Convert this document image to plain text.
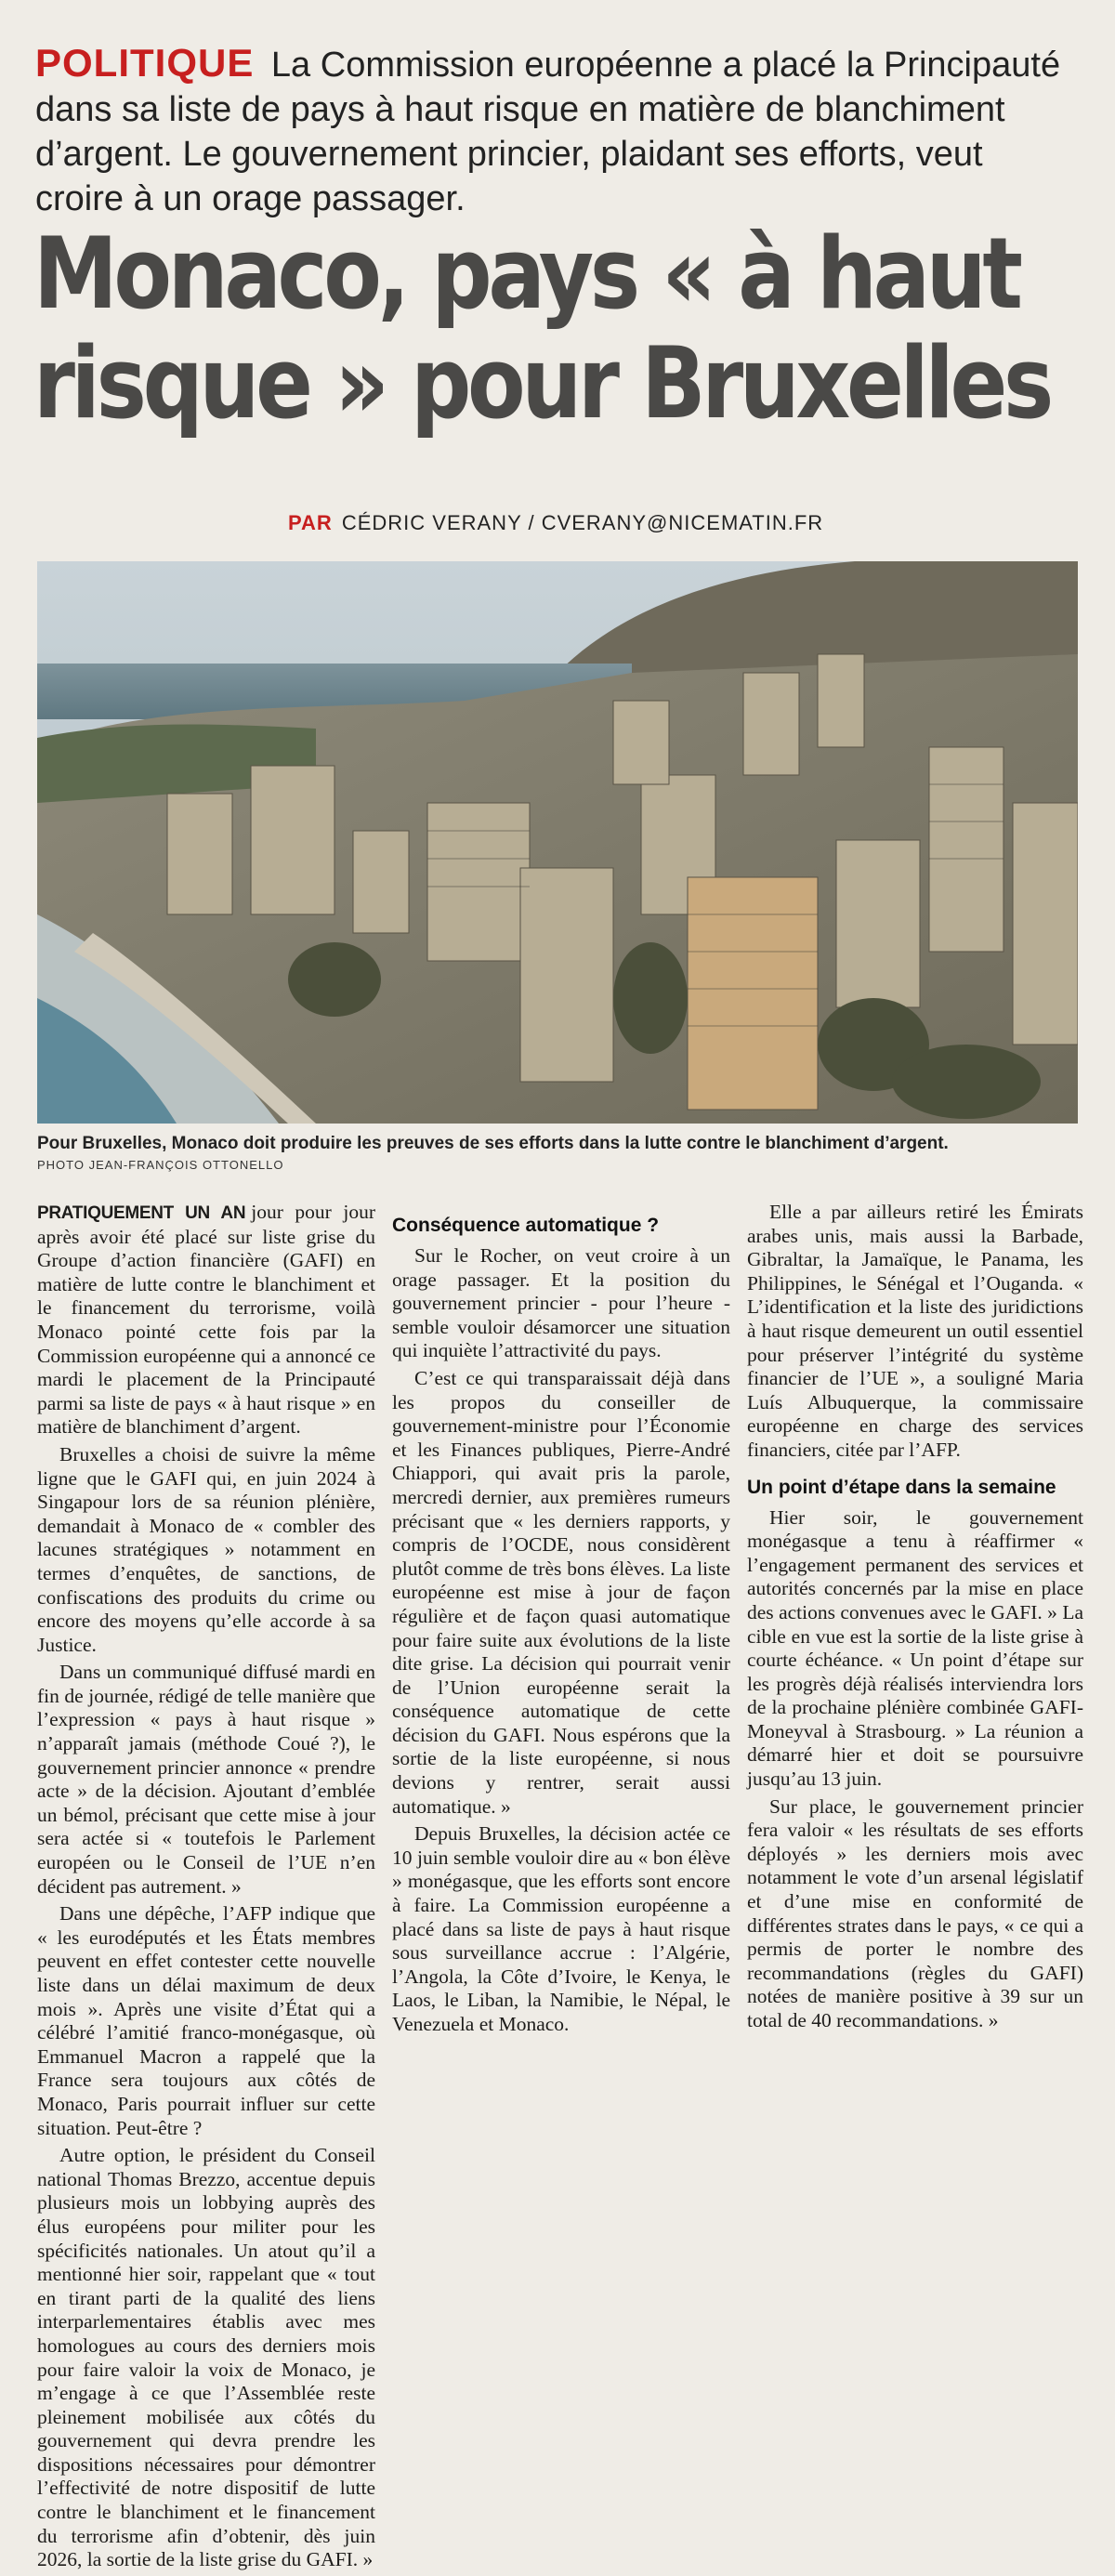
POLITIQUE La Commission européenne a placé la Principauté dans sa liste de pays à haut risque en matière de blanchiment d’argent. Le gouvernement princier, plaidant ses efforts, veut croire à un orage passager.
Monaco, pays « à haut
risque » pour Bruxelles
PAR CÉDRIC VERANY / CVERANY@NICEMATIN.FR
Pour Bruxelles, Monaco doit produire les preuves de ses efforts dans la lutte contre le blanchiment d’argent.
PHOTO JEAN-FRANÇOIS OTTONELLO

PRATIQUEMENT UN AN jour pour jour après avoir été placé sur liste grise du Groupe d’action financière (GAFI) en matière de lutte contre le blanchiment et le financement du terrorisme, voilà Monaco pointé cette fois par la Commission européenne qui a annoncé ce mardi le placement de la Principauté parmi sa liste de pays « à haut risque » en matière de blanchiment d’argent.

Bruxelles a choisi de suivre la même ligne que le GAFI qui, en juin 2024 à Singapour lors de sa réunion plénière, demandait à Monaco de « combler des lacunes stratégiques » notamment en termes d’enquêtes, de sanctions, de confiscations des produits du crime ou encore des moyens qu’elle accorde à sa Justice.

Dans un communiqué diffusé mardi en fin de journée, rédigé de telle manière que l’expression « pays à haut risque » n’apparaît jamais (méthode Coué ?), le gouvernement princier annonce « prendre acte » de la décision. Ajoutant d’emblée un bémol, précisant que cette mise à jour sera actée si « toutefois le Parlement européen ou le Conseil de l’UE n’en décident pas autrement. »

Dans une dépêche, l’AFP indique que « les eurodéputés et les États membres peuvent en effet contester cette nouvelle liste dans un délai maximum de deux mois ». Après une visite d’État qui a célébré l’amitié franco-monégasque, où Emmanuel Macron a rappelé que la France sera toujours aux côtés de Monaco, Paris pourrait influer sur cette situation. Peut-être ?

Autre option, le président du Conseil national Thomas Brezzo, accentue depuis plusieurs mois un lobbying auprès des élus européens pour militer pour les spécificités nationales. Un atout qu’il a mentionné hier soir, rappelant que « tout en tirant parti de la qualité des liens interparlementaires établis avec mes homologues au cours des derniers mois pour faire valoir la voix de Monaco, je m’engage à ce que l’Assemblée reste pleinement mobilisée aux côtés du gouvernement qui devra prendre les dispositions nécessaires pour démontrer l’effectivité de notre dispositif de lutte contre le blanchiment et le financement du terrorisme afin d’obtenir, dès juin 2026, la sortie de la liste grise du GAFI. »

Conséquence automatique ?

Sur le Rocher, on veut croire à un orage passager. Et la position du gouvernement princier - pour l’heure - semble vouloir désamorcer une situation qui inquiète l’attractivité du pays.

C’est ce qui transparaissait déjà dans les propos du conseiller de gouvernement-ministre pour l’Économie et les Finances publiques, Pierre-André Chiappori, qui avait pris la parole, mercredi dernier, aux premières rumeurs précisant que « les derniers rapports, y compris de l’OCDE, nous considèrent plutôt comme de très bons élèves. La liste européenne est mise à jour de façon régulière et de façon quasi automatique pour faire suite aux évolutions de la liste dite grise. La décision qui pourrait venir de l’Union européenne serait la conséquence automatique de cette décision du GAFI. Nous espérons que la sortie de la liste européenne, si nous devions y rentrer, serait aussi automatique. »

Depuis Bruxelles, la décision actée ce 10 juin semble vouloir dire au « bon élève » monégasque, que les efforts sont encore à faire. La Commission européenne a placé dans sa liste de pays à haut risque sous surveillance accrue : l’Algérie, l’Angola, la Côte d’Ivoire, le Kenya, le Laos, le Liban, la Namibie, le Népal, le Venezuela et Monaco.

Elle a par ailleurs retiré les Émirats arabes unis, mais aussi la Barbade, Gibraltar, la Jamaïque, le Panama, les Philippines, le Sénégal et l’Ouganda. « L’identification et la liste des juridictions à haut risque demeurent un outil essentiel pour préserver l’intégrité du système financier de l’UE », a souligné Maria Luís Albuquerque, la commissaire européenne en charge des services financiers, citée par l’AFP.

Un point d’étape dans la semaine

Hier soir, le gouvernement monégasque a tenu à réaffirmer « l’engagement permanent des services et autorités concernés par la mise en place des actions convenues avec le GAFI. » La cible en vue est la sortie de la liste grise à courte échéance. « Un point d’étape sur les progrès déjà réalisés interviendra lors de la prochaine plénière combinée GAFI-Moneyval à Strasbourg. » La réunion a démarré hier et doit se poursuivre jusqu’au 13 juin.

Sur place, le gouvernement princier fera valoir « les résultats de ses efforts déployés » les derniers mois avec notamment le vote d’un arsenal législatif et d’une mise en conformité de différentes strates dans le pays, « ce qui a permis de porter le nombre des recommandations (règles du GAFI) notées de manière positive à 39 sur un total de 40 recommandations. »
